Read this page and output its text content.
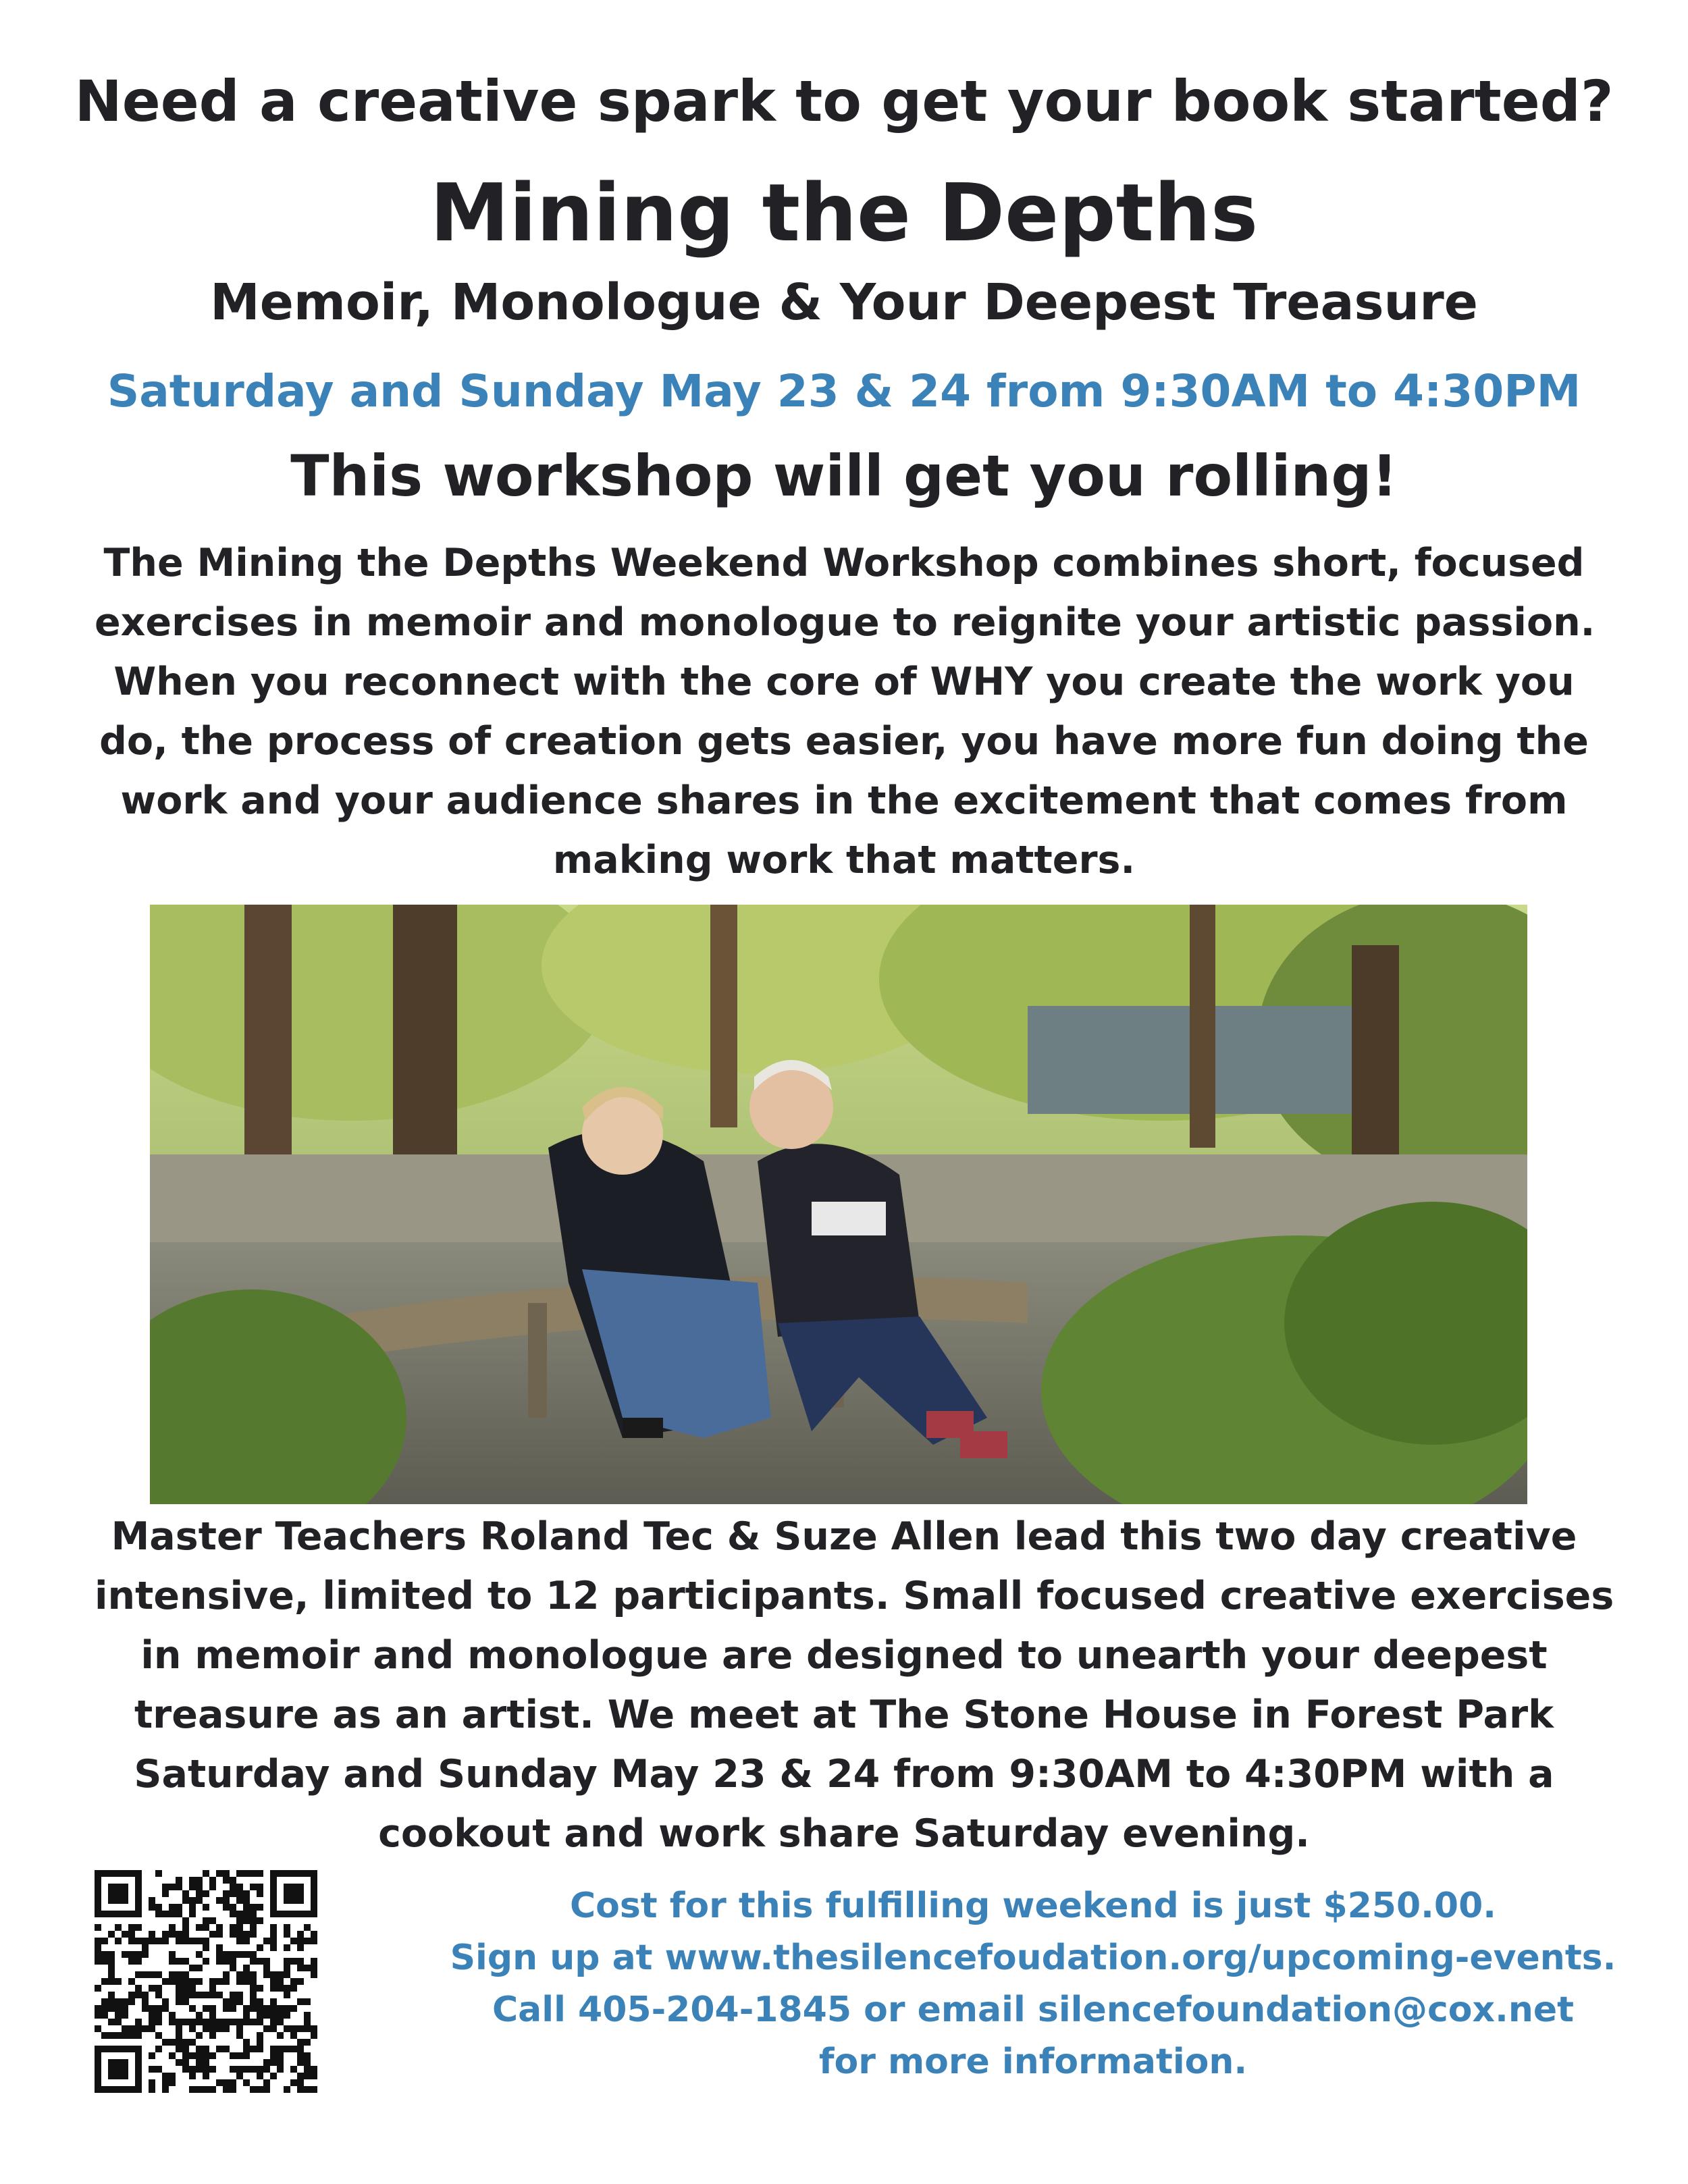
Need a creative spark to get your book started?
Mining the Depths
Memoir, Monologue & Your Deepest Treasure
Saturday and Sunday May 23 & 24 from 9:30AM to 4:30PM
This workshop will get you rolling!
The Mining the Depths Weekend Workshop combines short, focused
exercises in memoir and monologue to reignite your artistic passion.
When you reconnect with the core of WHY you create the work you
do, the process of creation gets easier, you have more fun doing the
work and your audience shares in the excitement that comes from
making work that matters.
Master Teachers Roland Tec & Suze Allen lead this two day creative
intensive, limited to 12 participants. Small focused creative exercises
in memoir and monologue are designed to unearth your deepest
treasure as an artist. We meet at The Stone House in Forest Park
Saturday and Sunday May 23 & 24 from 9:30AM to 4:30PM with a
cookout and work share Saturday evening.
Cost for this fulfilling weekend is just $250.00.
Sign up at www.thesilencefoudation.org/upcoming-events.
Call 405-204-1845 or email silencefoundation@cox.net
for more information.
